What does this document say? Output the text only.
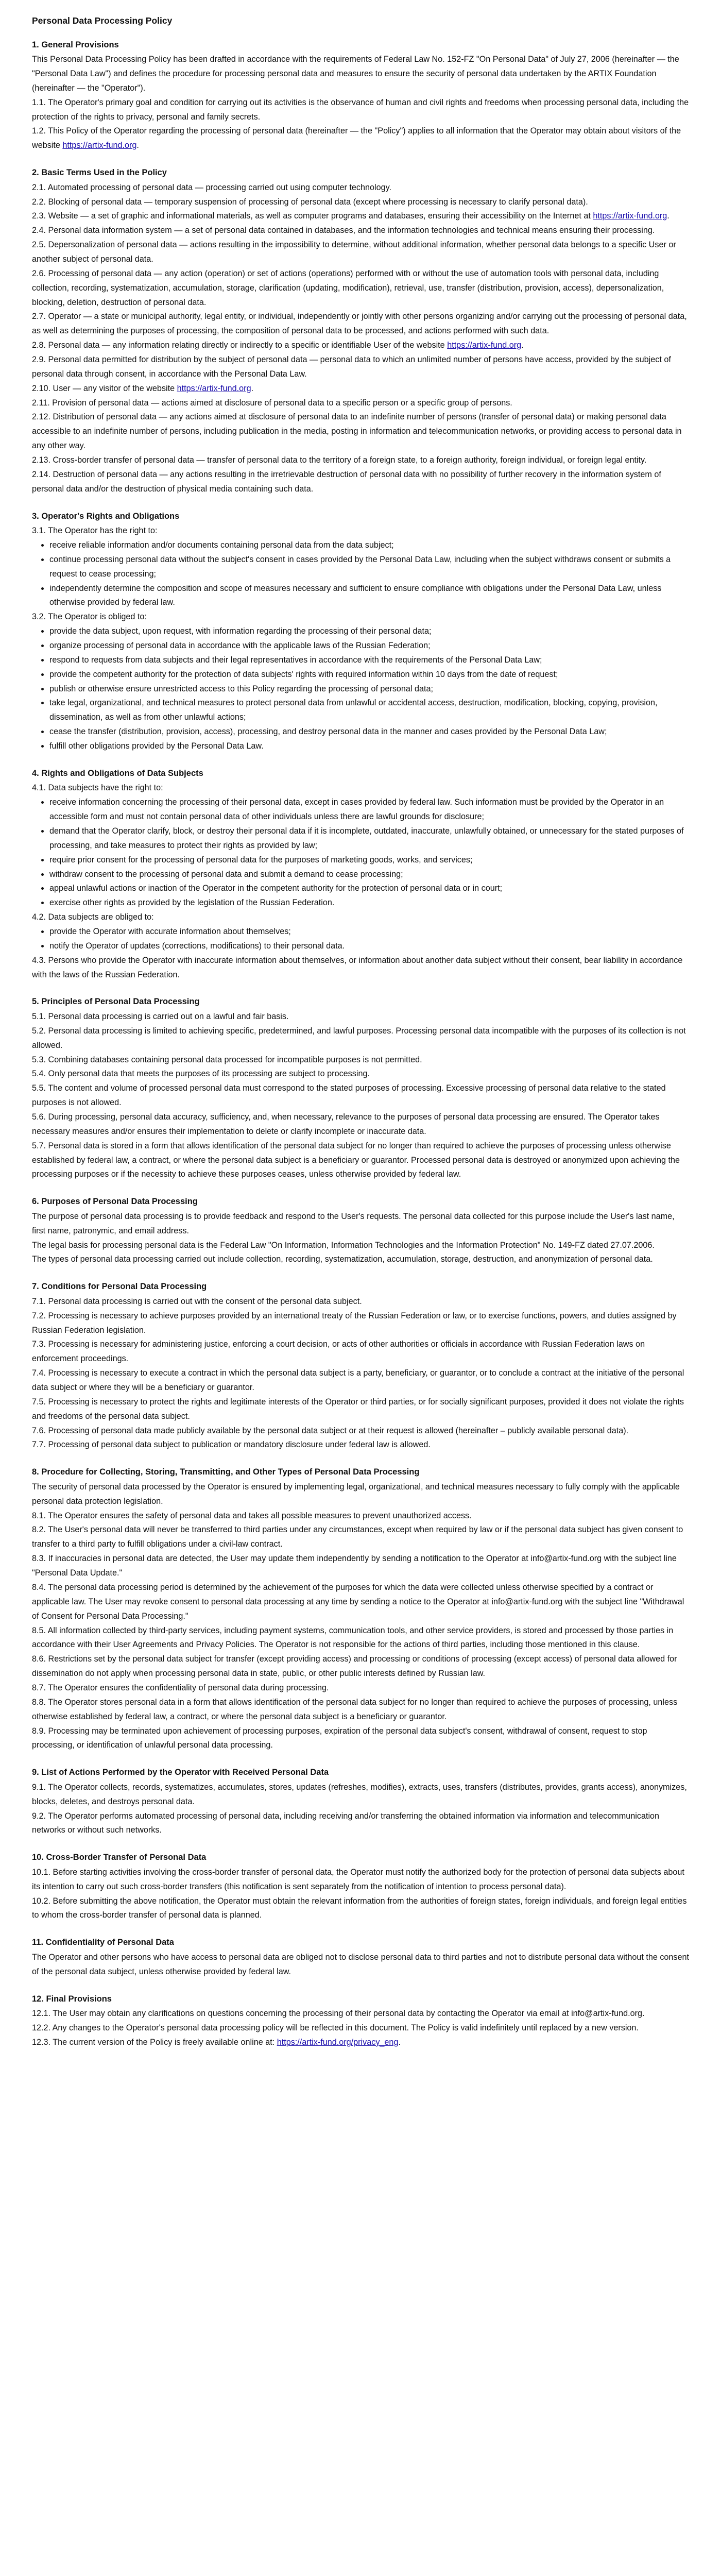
Personal Data Processing Policy
1. General Provisions

This Personal Data Processing Policy has been drafted in accordance with the requirements of Federal Law No. 152-FZ "On Personal Data" of July 27, 2006 (hereinafter — the "Personal Data Law") and defines the procedure for processing personal data and measures to ensure the security of personal data undertaken by the ARTIX Foundation (hereinafter — the "Operator").

1.1. The Operator's primary goal and condition for carrying out its activities is the observance of human and civil rights and freedoms when processing personal data, including the protection of the rights to privacy, personal and family secrets.

1.2. This Policy of the Operator regarding the processing of personal data (hereinafter — the "Policy") applies to all information that the Operator may obtain about visitors of the website https://artix-fund.org.

2. Basic Terms Used in the Policy

2.1. Automated processing of personal data — processing carried out using computer technology.

2.2. Blocking of personal data — temporary suspension of processing of personal data (except where processing is necessary to clarify personal data).

2.3. Website — a set of graphic and informational materials, as well as computer programs and databases, ensuring their accessibility on the Internet at https://artix-fund.org.

2.4. Personal data information system — a set of personal data contained in databases, and the information technologies and technical means ensuring their processing.

2.5. Depersonalization of personal data — actions resulting in the impossibility to determine, without additional information, whether personal data belongs to a specific User or another subject of personal data.

2.6. Processing of personal data — any action (operation) or set of actions (operations) performed with or without the use of automation tools with personal data, including collection, recording, systematization, accumulation, storage, clarification (updating, modification), retrieval, use, transfer (distribution, provision, access), depersonalization, blocking, deletion, destruction of personal data.

2.7. Operator — a state or municipal authority, legal entity, or individual, independently or jointly with other persons organizing and/or carrying out the processing of personal data, as well as determining the purposes of processing, the composition of personal data to be processed, and actions performed with such data.

2.8. Personal data — any information relating directly or indirectly to a specific or identifiable User of the website https://artix-fund.org.

2.9. Personal data permitted for distribution by the subject of personal data — personal data to which an unlimited number of persons have access, provided by the subject of personal data through consent, in accordance with the Personal Data Law.

2.10. User — any visitor of the website https://artix-fund.org.

2.11. Provision of personal data — actions aimed at disclosure of personal data to a specific person or a specific group of persons.

2.12. Distribution of personal data — any actions aimed at disclosure of personal data to an indefinite number of persons (transfer of personal data) or making personal data accessible to an indefinite number of persons, including publication in the media, posting in information and telecommunication networks, or providing access to personal data in any other way.

2.13. Cross-border transfer of personal data — transfer of personal data to the territory of a foreign state, to a foreign authority, foreign individual, or foreign legal entity.

2.14. Destruction of personal data — any actions resulting in the irretrievable destruction of personal data with no possibility of further recovery in the information system of personal data and/or the destruction of physical media containing such data.

3. Operator's Rights and Obligations

3.1. The Operator has the right to:

• receive reliable information and/or documents containing personal data from the data subject;
• continue processing personal data without the subject's consent in cases provided by the Personal Data Law, including when the subject withdraws consent or submits a request to cease processing;
• independently determine the composition and scope of measures necessary and sufficient to ensure compliance with obligations under the Personal Data Law, unless otherwise provided by federal law.

3.2. The Operator is obliged to:

• provide the data subject, upon request, with information regarding the processing of their personal data;
• organize processing of personal data in accordance with the applicable laws of the Russian Federation;
• respond to requests from data subjects and their legal representatives in accordance with the requirements of the Personal Data Law;
• provide the competent authority for the protection of data subjects' rights with required information within 10 days from the date of request;
• publish or otherwise ensure unrestricted access to this Policy regarding the processing of personal data;
• take legal, organizational, and technical measures to protect personal data from unlawful or accidental access, destruction, modification, blocking, copying, provision, dissemination, as well as from other unlawful actions;
• cease the transfer (distribution, provision, access), processing, and destroy personal data in the manner and cases provided by the Personal Data Law;
• fulfill other obligations provided by the Personal Data Law.
4. Rights and Obligations of Data Subjects

4.1. Data subjects have the right to:

• receive information concerning the processing of their personal data, except in cases provided by federal law. Such information must be provided by the Operator in an accessible form and must not contain personal data of other individuals unless there are lawful grounds for disclosure;
• demand that the Operator clarify, block, or destroy their personal data if it is incomplete, outdated, inaccurate, unlawfully obtained, or unnecessary for the stated purposes of processing, and take measures to protect their rights as provided by law;
• require prior consent for the processing of personal data for the purposes of marketing goods, works, and services;
• withdraw consent to the processing of personal data and submit a demand to cease processing;
• appeal unlawful actions or inaction of the Operator in the competent authority for the protection of personal data or in court;
• exercise other rights as provided by the legislation of the Russian Federation.

4.2. Data subjects are obliged to:

• provide the Operator with accurate information about themselves;
• notify the Operator of updates (corrections, modifications) to their personal data.

4.3. Persons who provide the Operator with inaccurate information about themselves, or information about another data subject without their consent, bear liability in accordance with the laws of the Russian Federation.

5. Principles of Personal Data Processing

5.1. Personal data processing is carried out on a lawful and fair basis.

5.2. Personal data processing is limited to achieving specific, predetermined, and lawful purposes. Processing personal data incompatible with the purposes of its collection is not allowed.

5.3. Combining databases containing personal data processed for incompatible purposes is not permitted.

5.4. Only personal data that meets the purposes of its processing are subject to processing.

5.5. The content and volume of processed personal data must correspond to the stated purposes of processing. Excessive processing of personal data relative to the stated purposes is not allowed.

5.6. During processing, personal data accuracy, sufficiency, and, when necessary, relevance to the purposes of personal data processing are ensured. The Operator takes necessary measures and/or ensures their implementation to delete or clarify incomplete or inaccurate data.

5.7. Personal data is stored in a form that allows identification of the personal data subject for no longer than required to achieve the purposes of processing unless otherwise established by federal law, a contract, or where the personal data subject is a beneficiary or guarantor. Processed personal data is destroyed or anonymized upon achieving the processing purposes or if the necessity to achieve these purposes ceases, unless otherwise provided by federal law.

6. Purposes of Personal Data Processing

The purpose of personal data processing is to provide feedback and respond to the User's requests. The personal data collected for this purpose include the User's last name, first name, patronymic, and email address.

The legal basis for processing personal data is the Federal Law "On Information, Information Technologies and the Information Protection" No. 149-FZ dated 27.07.2006.

The types of personal data processing carried out include collection, recording, systematization, accumulation, storage, destruction, and anonymization of personal data.

7. Conditions for Personal Data Processing

7.1. Personal data processing is carried out with the consent of the personal data subject.

7.2. Processing is necessary to achieve purposes provided by an international treaty of the Russian Federation or law, or to exercise functions, powers, and duties assigned by Russian Federation legislation.

7.3. Processing is necessary for administering justice, enforcing a court decision, or acts of other authorities or officials in accordance with Russian Federation laws on enforcement proceedings.

7.4. Processing is necessary to execute a contract in which the personal data subject is a party, beneficiary, or guarantor, or to conclude a contract at the initiative of the personal data subject or where they will be a beneficiary or guarantor.

7.5. Processing is necessary to protect the rights and legitimate interests of the Operator or third parties, or for socially significant purposes, provided it does not violate the rights and freedoms of the personal data subject.

7.6. Processing of personal data made publicly available by the personal data subject or at their request is allowed (hereinafter – publicly available personal data).

7.7. Processing of personal data subject to publication or mandatory disclosure under federal law is allowed.

8. Procedure for Collecting, Storing, Transmitting, and Other Types of Personal Data Processing

The security of personal data processed by the Operator is ensured by implementing legal, organizational, and technical measures necessary to fully comply with the applicable personal data protection legislation.

8.1. The Operator ensures the safety of personal data and takes all possible measures to prevent unauthorized access.

8.2. The User's personal data will never be transferred to third parties under any circumstances, except when required by law or if the personal data subject has given consent to transfer to a third party to fulfill obligations under a civil-law contract.

8.3. If inaccuracies in personal data are detected, the User may update them independently by sending a notification to the Operator at info@artix-fund.org with the subject line "Personal Data Update."

8.4. The personal data processing period is determined by the achievement of the purposes for which the data were collected unless otherwise specified by a contract or applicable law. The User may revoke consent to personal data processing at any time by sending a notice to the Operator at info@artix-fund.org with the subject line "Withdrawal of Consent for Personal Data Processing."

8.5. All information collected by third-party services, including payment systems, communication tools, and other service providers, is stored and processed by those parties in accordance with their User Agreements and Privacy Policies. The Operator is not responsible for the actions of third parties, including those mentioned in this clause.

8.6. Restrictions set by the personal data subject for transfer (except providing access) and processing or conditions of processing (except access) of personal data allowed for dissemination do not apply when processing personal data in state, public, or other public interests defined by Russian law.

8.7. The Operator ensures the confidentiality of personal data during processing.

8.8. The Operator stores personal data in a form that allows identification of the personal data subject for no longer than required to achieve the purposes of processing, unless otherwise established by federal law, a contract, or where the personal data subject is a beneficiary or guarantor.

8.9. Processing may be terminated upon achievement of processing purposes, expiration of the personal data subject's consent, withdrawal of consent, request to stop processing, or identification of unlawful personal data processing.

9. List of Actions Performed by the Operator with Received Personal Data

9.1. The Operator collects, records, systematizes, accumulates, stores, updates (refreshes, modifies), extracts, uses, transfers (distributes, provides, grants access), anonymizes, blocks, deletes, and destroys personal data.

9.2. The Operator performs automated processing of personal data, including receiving and/or transferring the obtained information via information and telecommunication networks or without such networks.

10. Cross-Border Transfer of Personal Data

10.1. Before starting activities involving the cross-border transfer of personal data, the Operator must notify the authorized body for the protection of personal data subjects about its intention to carry out such cross-border transfers (this notification is sent separately from the notification of intention to process personal data).

10.2. Before submitting the above notification, the Operator must obtain the relevant information from the authorities of foreign states, foreign individuals, and foreign legal entities to whom the cross-border transfer of personal data is planned.

11. Confidentiality of Personal Data

The Operator and other persons who have access to personal data are obliged not to disclose personal data to third parties and not to distribute personal data without the consent of the personal data subject, unless otherwise provided by federal law.

12. Final Provisions

12.1. The User may obtain any clarifications on questions concerning the processing of their personal data by contacting the Operator via email at info@artix-fund.org.

12.2. Any changes to the Operator's personal data processing policy will be reflected in this document. The Policy is valid indefinitely until replaced by a new version.

12.3. The current version of the Policy is freely available online at: https://artix-fund.org/privacy_eng.
